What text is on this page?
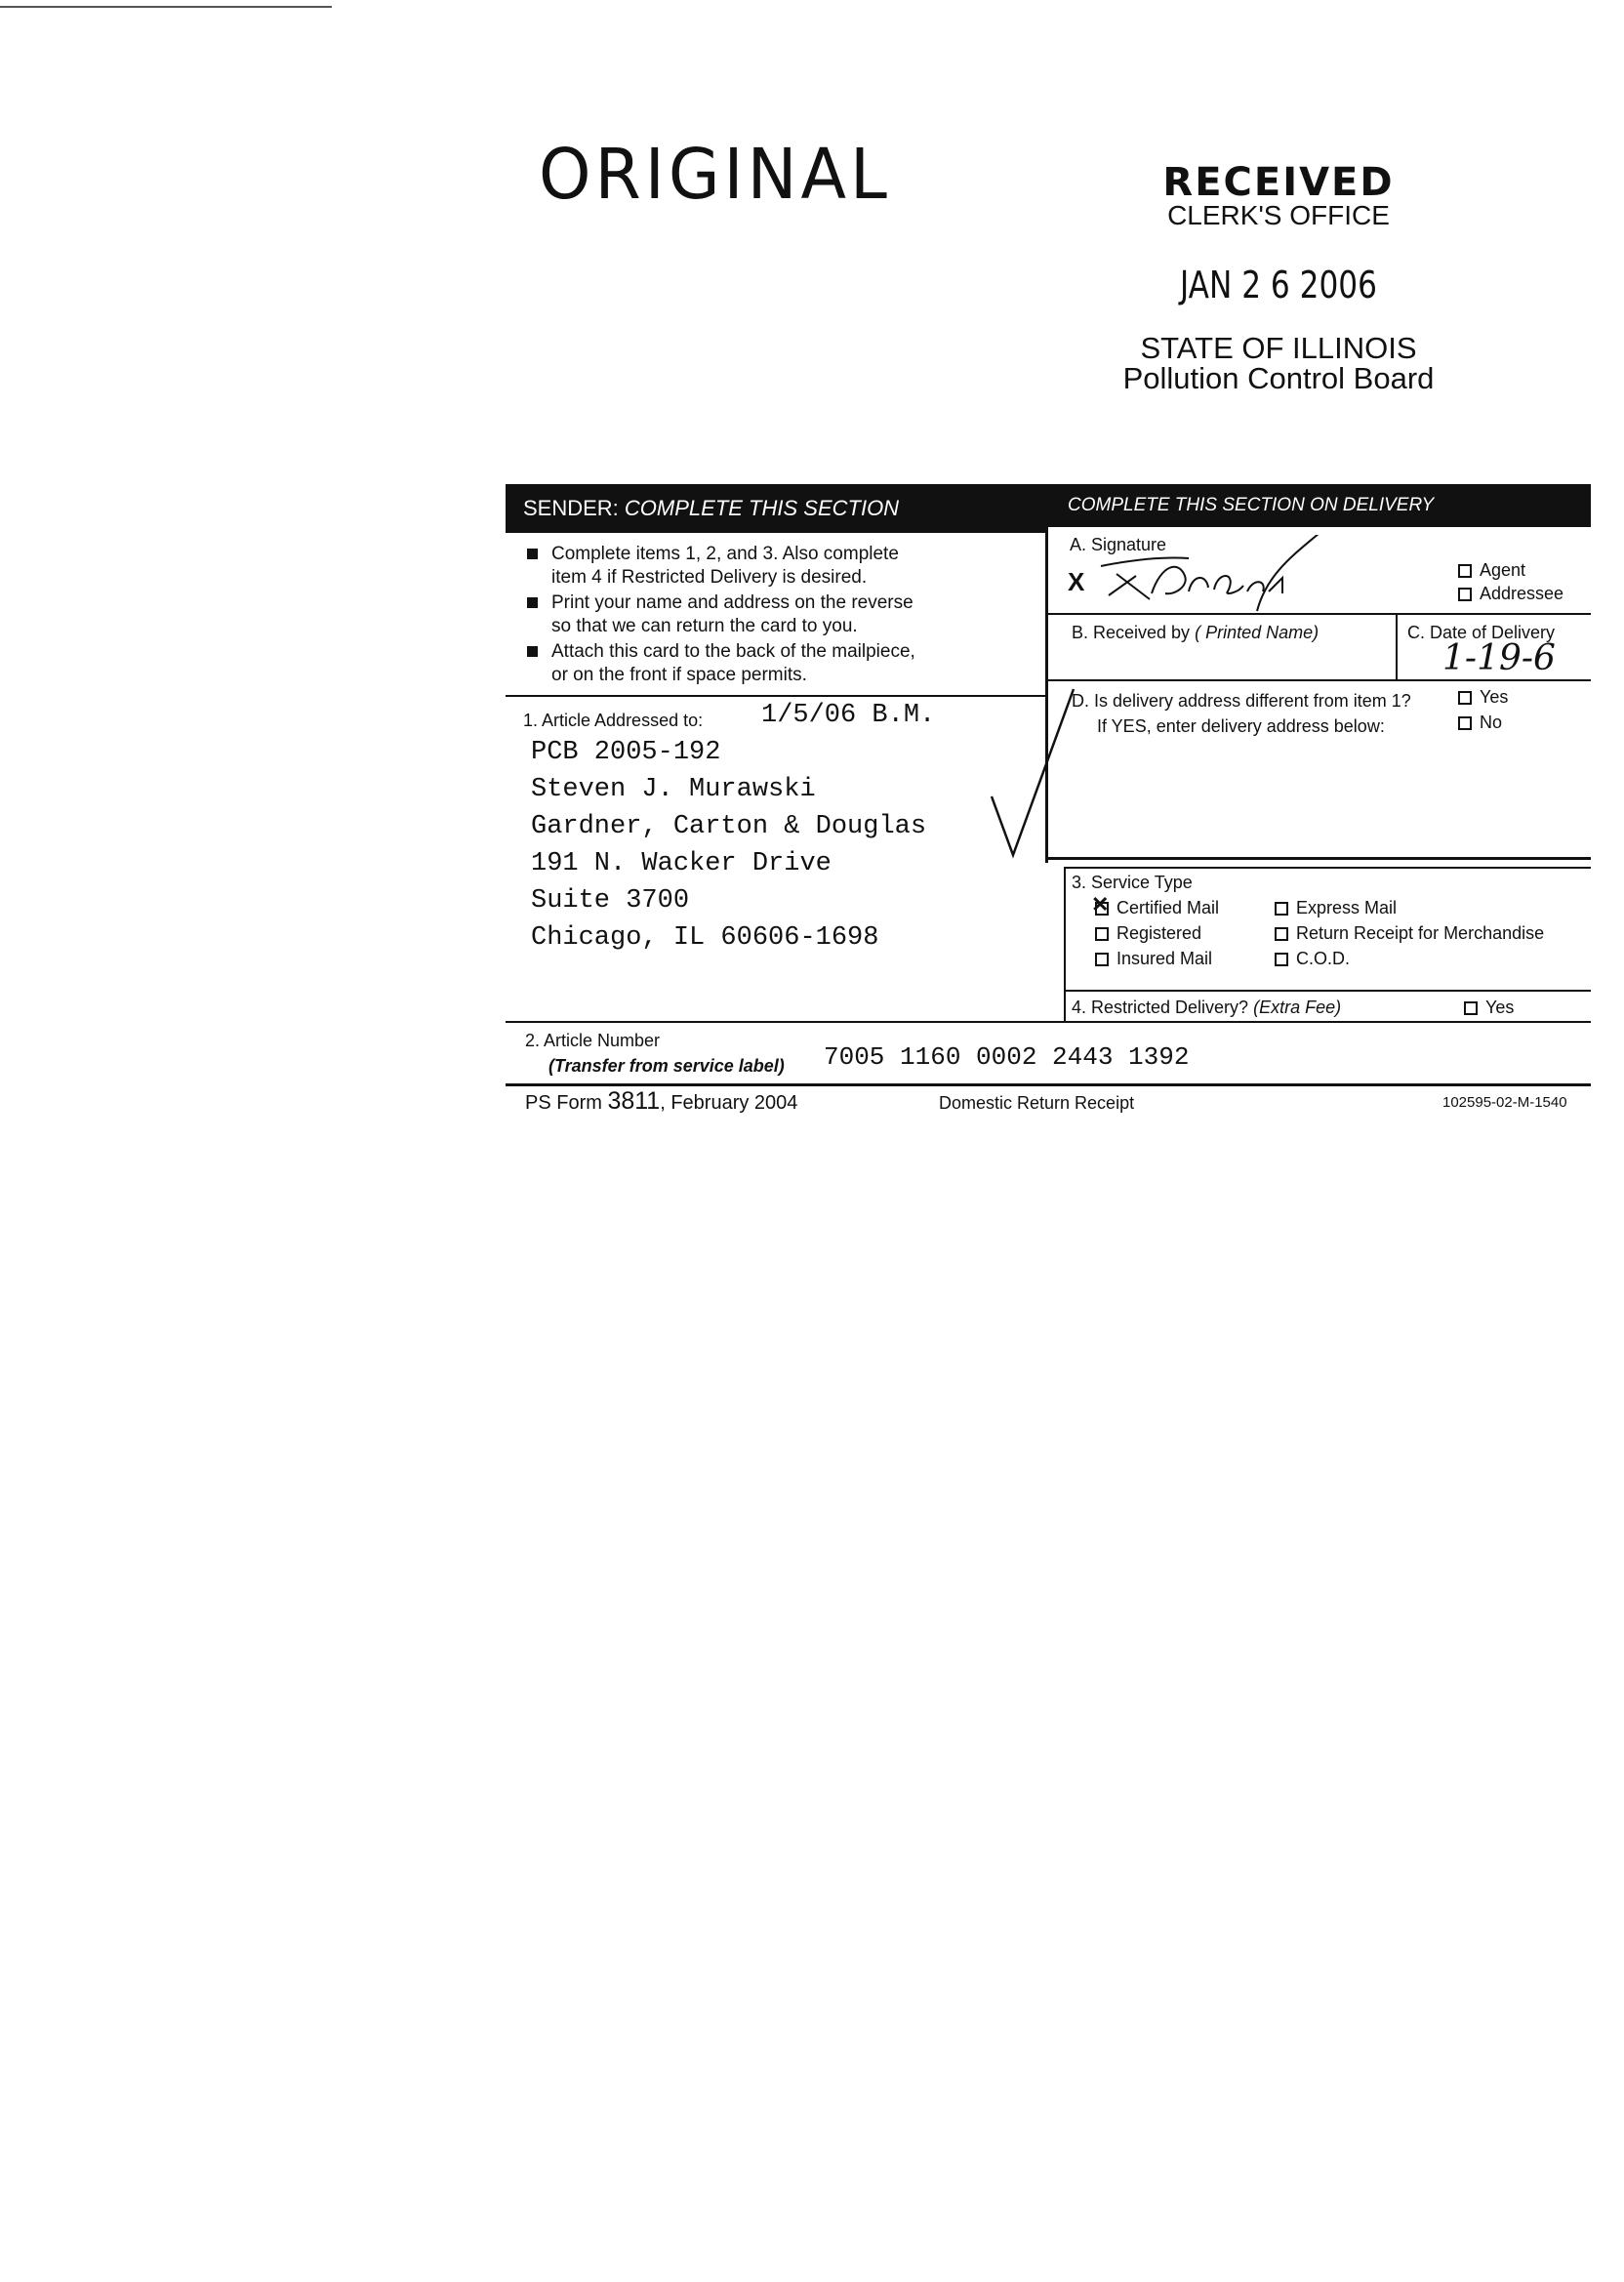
ORIGINAL	RECEIVED
CLERK'S OFFICE
JAN 2 6 2006
STATE OF ILLINOIS
Pollution Control Board
SENDER:
COMPLETE THIS SECTION	COMPLETE THIS SECTION ON DELIVERY
Complete items 1, 2, and 3. Also complete
item 4 if Restricted Delivery is desired.
Print your name and address on the reverse
so that we can return the card to you.
Attach this card to the back of the mailpiece,
or on the front if space permits.
1. Article Addressed to: 1/5/06 B.M.
PCB 2005-192
Steven J. Murawski
Gardner, Carton & Douglas
191 N. Wacker Drive
Suite 3700
Chicago, IL 60606-1698
A. Signature
X	Agent
Addressee
B. Received by ( Printed Name)	C. Date of Delivery
1-19-6
D. Is delivery address different from item 1?
If YES, enter delivery address below:
Yes
No
3. Service Type
✕Certified Mail	Express Mail
Registered	Return Receipt for Merchandise
Insured Mail	C.O.D.
4. Restricted Delivery? (Extra Fee)	Yes
2. Article Number
(Transfer from service label) 7005 1160 0002 2443 1392
PS Form 3811, February 2004	Domestic Return Receipt	102595-02-M-1540
